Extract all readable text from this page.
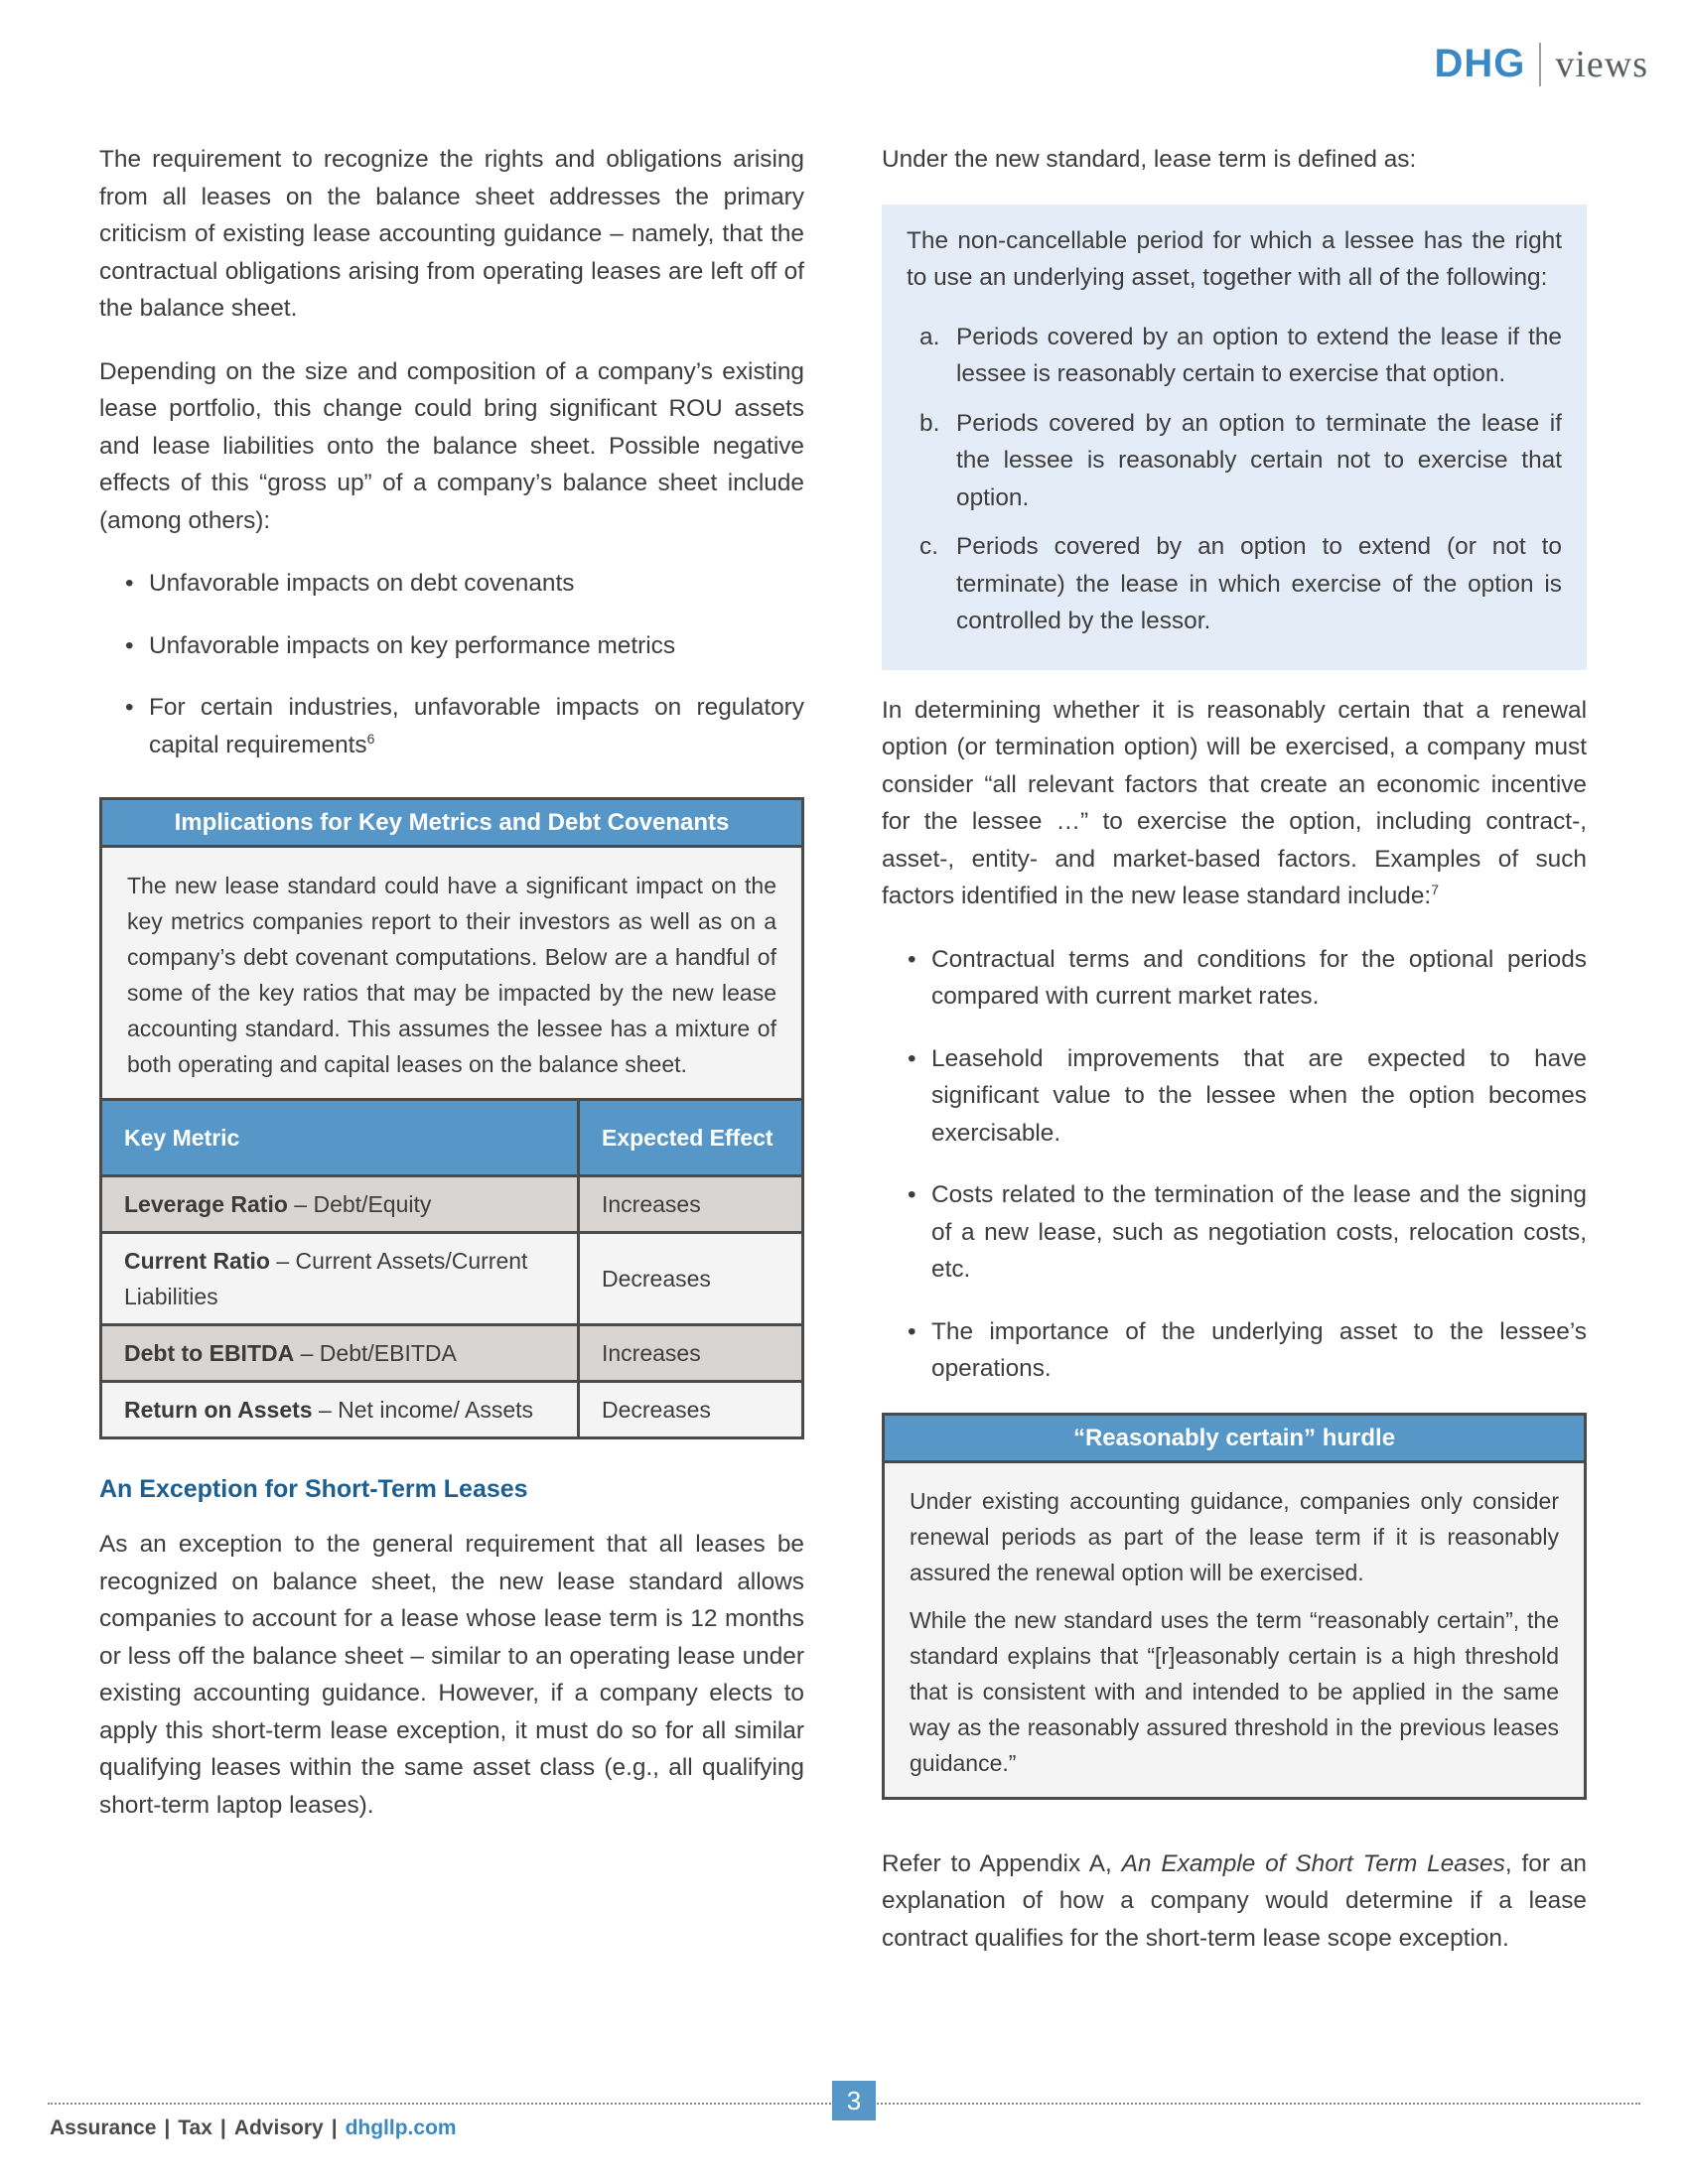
DHG views

The requirement to recognize the rights and obligations arising from all leases on the balance sheet addresses the primary criticism of existing lease accounting guidance – namely, that the contractual obligations arising from operating leases are left off of the balance sheet.

Depending on the size and composition of a company’s existing lease portfolio, this change could bring significant ROU assets and lease liabilities onto the balance sheet. Possible negative effects of this “gross up” of a company’s balance sheet include (among others):

• Unfavorable impacts on debt covenants
• Unfavorable impacts on key performance metrics
• For certain industries, unfavorable impacts on regulatory capital requirements$^6$
Implications for Key Metrics and Debt Covenants
The new lease standard could have a significant impact on the key metrics companies report to their investors as well as on a company’s debt covenant computations. Below are a handful of some of the key ratios that may be impacted by the new lease accounting standard. This assumes the lessee has a mixture of both operating and capital leases on the balance sheet.
Key Metric	Expected Effect
Leverage Ratio – Debt/Equity	Increases
Current Ratio – Current Assets/Current Liabilities	Decreases
Debt to EBITDA – Debt/EBITDA	Increases
Return on Assets – Net income/ Assets	Decreases
An Exception for Short-Term Leases

As an exception to the general requirement that all leases be recognized on balance sheet, the new lease standard allows companies to account for a lease whose lease term is 12 months or less off the balance sheet – similar to an operating lease under existing accounting guidance. However, if a company elects to apply this short-term lease exception, it must do so for all similar qualifying leases within the same asset class (e.g., all qualifying short-term laptop leases).

Under the new standard, lease term is defined as:

The non-cancellable period for which a lessee has the right to use an underlying asset, together with all of the following:

a. Periods covered by an option to extend the lease if the lessee is reasonably certain to exercise that option.
b. Periods covered by an option to terminate the lease if the lessee is reasonably certain not to exercise that option.
c. Periods covered by an option to extend (or not to terminate) the lease in which exercise of the option is controlled by the lessor.

In determining whether it is reasonably certain that a renewal option (or termination option) will be exercised, a company must consider “all relevant factors that create an economic incentive for the lessee …” to exercise the option, including contract-, asset-, entity- and market-based factors. Examples of such factors identified in the new lease standard include:$^7$

• Contractual terms and conditions for the optional periods compared with current market rates.
• Leasehold improvements that are expected to have significant value to the lessee when the option becomes exercisable.
• Costs related to the termination of the lease and the signing of a new lease, such as negotiation costs, relocation costs, etc.
• The importance of the underlying asset to the lessee’s operations.
“Reasonably certain” hurdle

Under existing accounting guidance, companies only consider renewal periods as part of the lease term if it is reasonably assured the renewal option will be exercised.

While the new standard uses the term “reasonably certain”, the standard explains that “[r]easonably certain is a high threshold that is consistent with and intended to be applied in the same way as the reasonably assured threshold in the previous leases guidance.”

Refer to Appendix A, An Example of Short Term Leases, for an explanation of how a company would determine if a lease contract qualifies for the short-term lease scope exception.

3
Assurance | Tax | Advisory | dhgllp.com
